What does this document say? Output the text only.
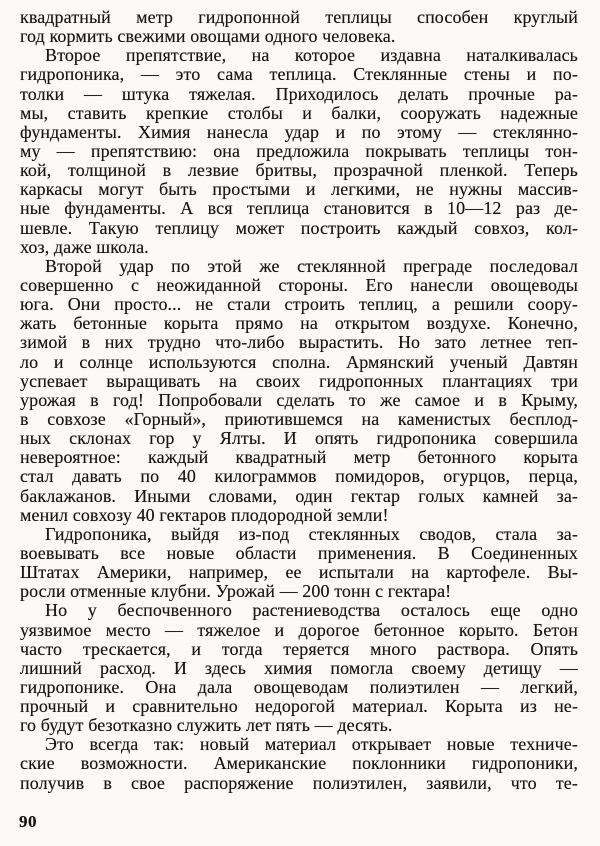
квадратный метр гидропонной теплицы способен круглый
год кормить свежими овощами одного человека.
Второе препятствие, на которое издавна наталкивалась
гидропоника, — это сама теплица. Стеклянные стены и по-
толки — штука тяжелая. Приходилось делать прочные ра-
мы, ставить крепкие столбы и балки, сооружать надежные
фундаменты. Химия нанесла удар и по этому — стеклянно-
му — препятствию: она предложила покрывать теплицы тон-
кой, толщиной в лезвие бритвы, прозрачной пленкой. Теперь
каркасы могут быть простыми и легкими, не нужны массив-
ные фундаменты. А вся теплица становится в 10—12 раз де-
шевле. Такую теплицу может построить каждый совхоз, кол-
хоз, даже школа.
Второй удар по этой же стеклянной преграде последовал
совершенно с неожиданной стороны. Его нанесли овощеводы
юга. Они просто... не стали строить теплиц, а решили соору-
жать бетонные корыта прямо на открытом воздухе. Конечно,
зимой в них трудно что-либо вырастить. Но зато летнее теп-
ло и солнце используются сполна. Армянский ученый Давтян
успевает выращивать на своих гидропонных плантациях три
урожая в год! Попробовали сделать то же самое и в Крыму,
в совхозе «Горный», приютившемся на каменистых бесплод-
ных склонах гор у Ялты. И опять гидропоника совершила
невероятное: каждый квадратный метр бетонного корыта
стал давать по 40 килограммов помидоров, огурцов, перца,
баклажанов. Иными словами, один гектар голых камней за-
менил совхозу 40 гектаров плодородной земли!
Гидропоника, выйдя из-под стеклянных сводов, стала за-
воевывать все новые области применения. В Соединенных
Штатах Америки, например, ее испытали на картофеле. Вы-
росли отменные клубни. Урожай — 200 тонн с гектара!
Но у беспочвенного растениеводства осталось еще одно
уязвимое место — тяжелое и дорогое бетонное корыто. Бетон
часто трескается, и тогда теряется много раствора. Опять
лишний расход. И здесь химия помогла своему детищу —
гидропонике. Она дала овощеводам полиэтилен — легкий,
прочный и сравнительно недорогой материал. Корыта из не-
го будут безотказно служить лет пять — десять.
Это всегда так: новый материал открывает новые техниче-
ские возможности. Американские поклонники гидропоники,
получив в свое распоряжение полиэтилен, заявили, что те-
90
